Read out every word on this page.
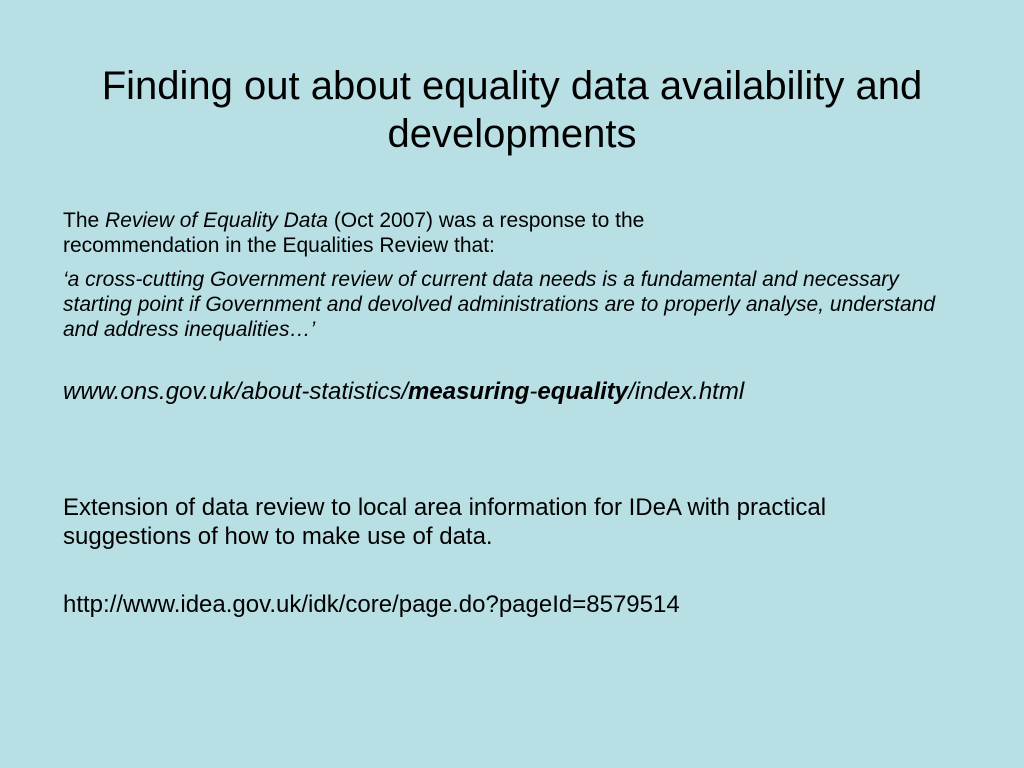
Finding out about equality data availability and developments

The Review of Equality Data (Oct 2007) was a response to the recommendation in the Equalities Review that:

‘a cross-cutting Government review of current data needs is a fundamental and necessary starting point if Government and devolved administrations are to properly analyse, understand and address inequalities…’

www.ons.gov.uk/about-statistics/measuring-equality/index.html

Extension of data review to local area information for IDeA with practical suggestions of how to make use of data.

http://www.idea.gov.uk/idk/core/page.do?pageId=8579514
